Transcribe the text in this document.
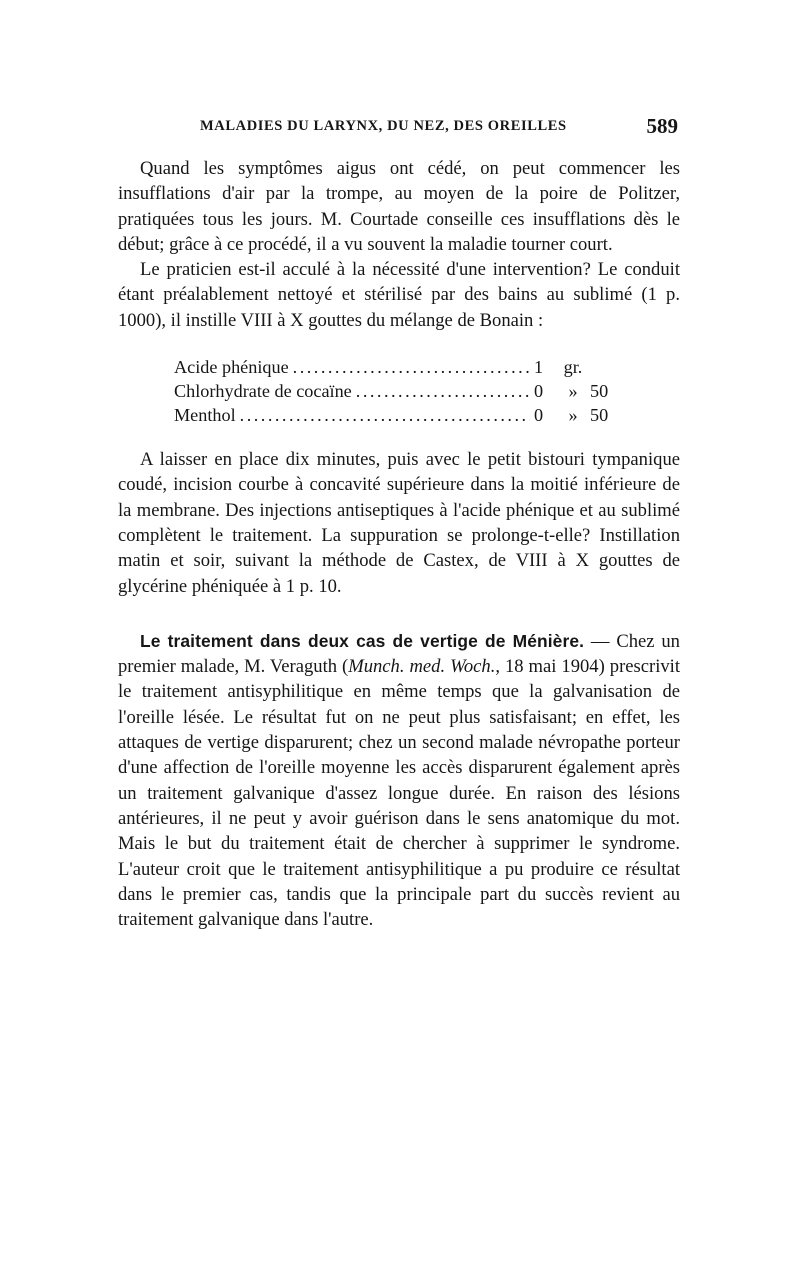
MALADIES DU LARYNX, DU NEZ, DES OREILLES	589

Quand les symptômes aigus ont cédé, on peut commencer les insufflations d'air par la trompe, au moyen de la poire de Politzer, pratiquées tous les jours. M. Courtade conseille ces insufflations dès le début; grâce à ce procédé, il a vu souvent la maladie tourner court.

Le praticien est-il acculé à la nécessité d'une intervention? Le conduit étant préalablement nettoyé et stérilisé par des bains au sublimé (1 p. 1000), il instille VIII à X gouttes du mélange de Bonain :

Acide phénique .....	1	gr.
Chlorhydrate de cocaïne .....	0	» 50
Menthol .....	0	» 50

A laisser en place dix minutes, puis avec le petit bistouri tympanique coudé, incision courbe à concavité supérieure dans la moitié inférieure de la membrane. Des injections antiseptiques à l'acide phénique et au sublimé complètent le traitement. La suppuration se prolonge-t-elle? Instillation matin et soir, suivant la méthode de Castex, de VIII à X gouttes de glycérine phéniquée à 1 p. 10.

Le traitement dans deux cas de vertige de Ménière. — Chez un premier malade, M. Veraguth (Munch. med. Woch., 18 mai 1904) prescrivit le traitement antisyphilitique en même temps que la galvanisation de l'oreille lésée. Le résultat fut on ne peut plus satisfaisant; en effet, les attaques de vertige disparurent; chez un second malade névropathe porteur d'une affection de l'oreille moyenne les accès disparurent également après un traitement galvanique d'assez longue durée. En raison des lésions antérieures, il ne peut y avoir guérison dans le sens anatomique du mot. Mais le but du traitement était de chercher à supprimer le syndrome. L'auteur croit que le traitement antisyphilitique a pu produire ce résultat dans le premier cas, tandis que la principale part du succès revient au traitement galvanique dans l'autre.
